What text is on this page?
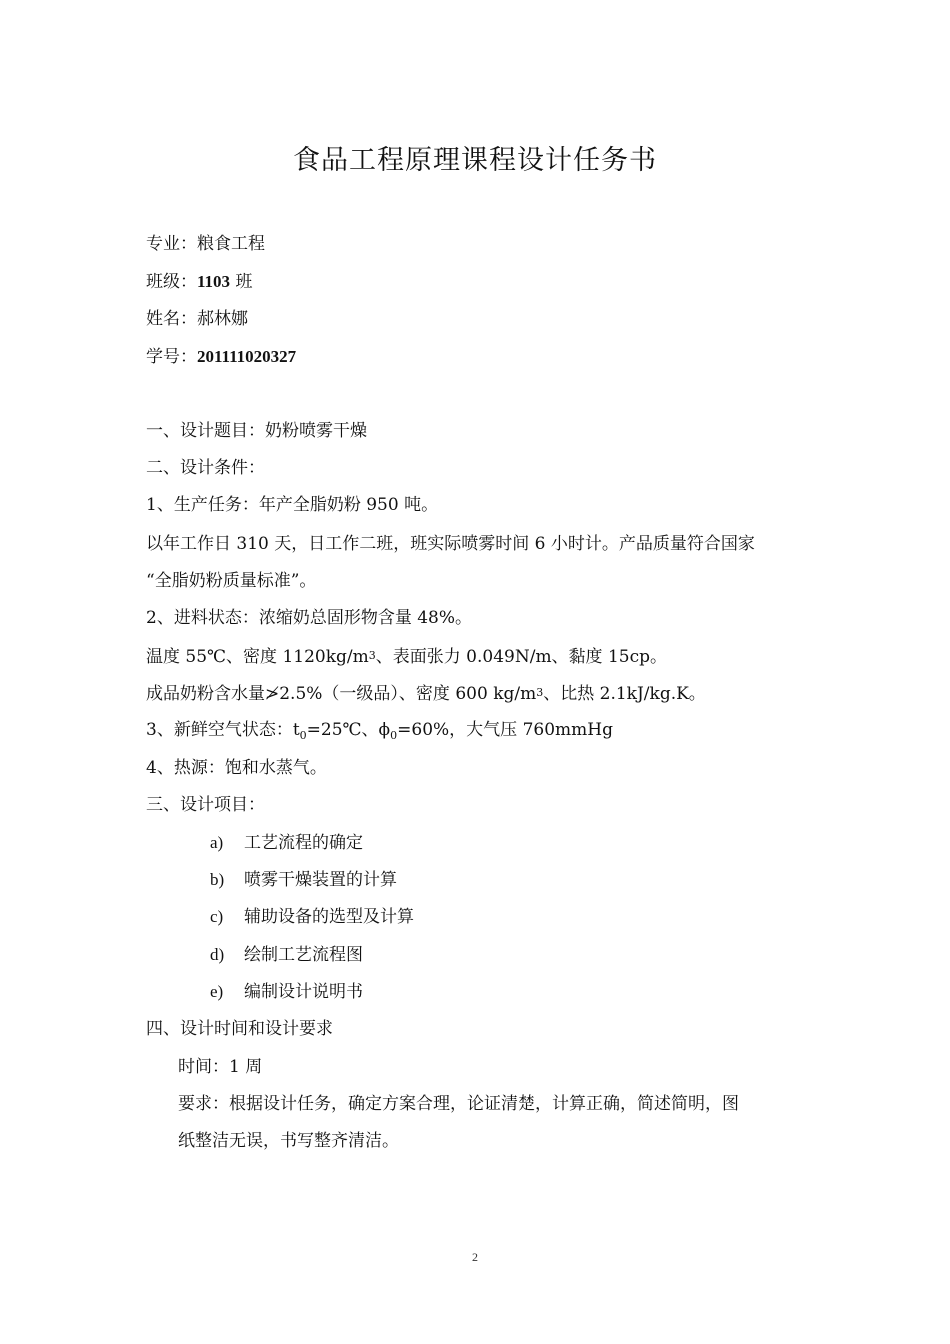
食品工程原理课程设计任务书
专业：粮食工程
班级：1103 班
姓名：郝林娜
学号：201111020327
一、设计题目：奶粉喷雾干燥
二、设计条件：
1、生产任务：年产全脂奶粉 950 吨。
以年工作日 310 天，日工作二班，班实际喷雾时间 6 小时计。产品质量符合国家
“全脂奶粉质量标准”。
2、进料状态：浓缩奶总固形物含量 48%。
温度 55℃、密度 $1120kg/m^3$、表面张力 0.049N/m、黏度 15cp。
成品奶粉含水量≯2.5%（一级品）、密度 600 $kg/m^3$、比热 2.1kJ/kg.K。
3、新鲜空气状态：$t_0=25℃$、$\phi_0=60\%$，大气压 760mmHg
4、热源：饱和水蒸气。
三、设计项目：
a) 工艺流程的确定
b) 喷雾干燥装置的计算
c) 辅助设备的选型及计算
d) 绘制工艺流程图
e) 编制设计说明书
四、设计时间和设计要求
时间：1 周
要求：根据设计任务，确定方案合理，论证清楚，计算正确，简述简明，图
纸整洁无误，书写整齐清洁。
2
